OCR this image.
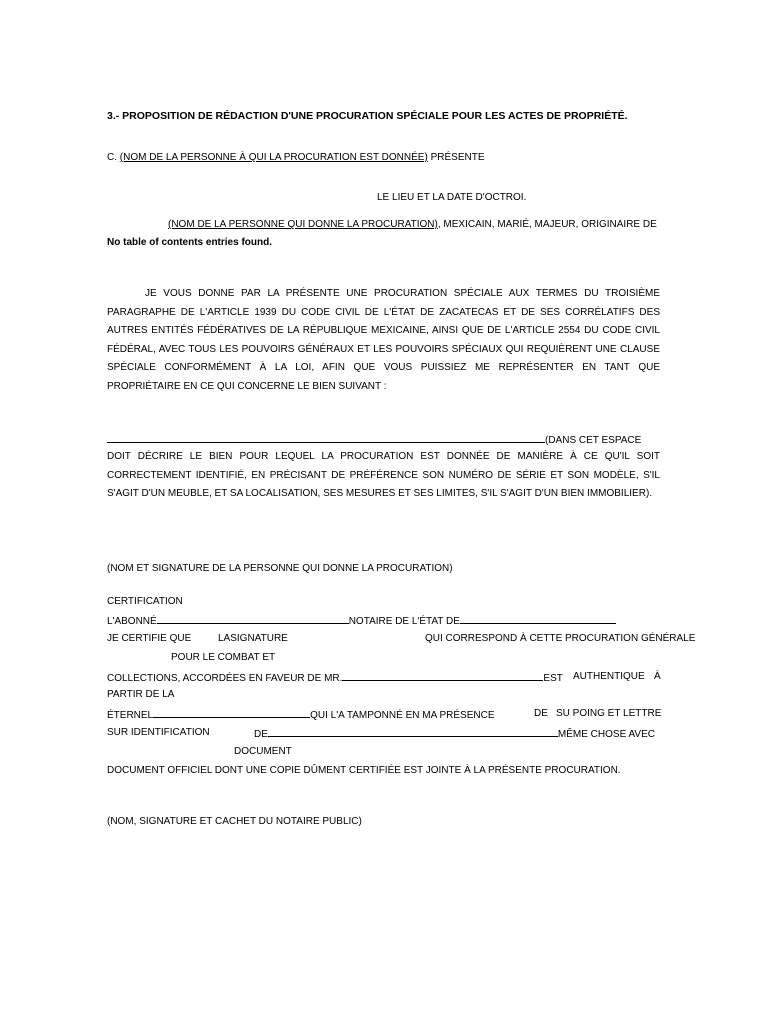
3.- PROPOSITION DE RÉDACTION D'UNE PROCURATION SPÉCIALE POUR LES ACTES DE PROPRIÉTÉ.
C. (NOM DE LA PERSONNE À QUI LA PROCURATION EST DONNÉE) PRÉSENTE
LE LIEU ET LA DATE D'OCTROI.
(NOM DE LA PERSONNE QUI DONNE LA PROCURATION), MEXICAIN, MARIÉ, MAJEUR, ORIGINAIRE DE
No table of contents entries found.
JE VOUS DONNE PAR LA PRÉSENTE UNE PROCURATION SPÉCIALE AUX TERMES DU TROISIÈME
PARAGRAPHE DE L'ARTICLE 1939 DU CODE CIVIL DE L'ÉTAT DE ZACATECAS ET DE SES CORRÉLATIFS DES
AUTRES ENTITÉS FÉDÉRATIVES DE LA RÉPUBLIQUE MEXICAINE, AINSI QUE DE L'ARTICLE 2554 DU CODE CIVIL
FÉDÉRAL, AVEC TOUS LES POUVOIRS GÉNÉRAUX ET LES POUVOIRS SPÉCIAUX QUI REQUIÈRENT UNE CLAUSE
SPÉCIALE CONFORMÉMENT À LA LOI, AFIN QUE VOUS PUISSIEZ ME REPRÉSENTER EN TANT QUE
PROPRIÉTAIRE EN CE QUI CONCERNE LE BIEN SUIVANT :
(DANS CET ESPACE
DOIT DÉCRIRE LE BIEN POUR LEQUEL LA PROCURATION EST DONNÉE DE MANIÈRE À CE QU'IL SOIT
CORRECTEMENT IDENTIFIÉ, EN PRÉCISANT DE PRÉFÉRENCE SON NUMÉRO DE SÉRIE ET SON MODÈLE, S'IL
S'AGIT D'UN MEUBLE, ET SA LOCALISATION, SES MESURES ET SES LIMITES, S'IL S'AGIT D'UN BIEN IMMOBILIER).
(NOM ET SIGNATURE DE LA PERSONNE QUI DONNE LA PROCURATION)
CERTIFICATION
L'ABONNÉ	NOTAIRE DE L'ÉTAT DE
JE CERTIFIE QUE	LASIGNATURE	QUI CORRESPOND À CETTE PROCURATION GÉNÉRALE
POUR LE COMBAT ET
COLLECTIONS, ACCORDÉES EN FAVEUR DE MR.	EST AUTHENTIQUE À
PARTIR DE LA
ÉTERNEL	QUI L'A TAMPONNÉ EN MA PRÉSENCE	DE SU POING ET LETTRE
SUR IDENTIFICATION	DE	MÊME CHOSE AVEC
DOCUMENT
DOCUMENT OFFICIEL DONT UNE COPIE DÛMENT CERTIFIÉE EST JOINTE À LA PRÉSENTE PROCURATION.
(NOM, SIGNATURE ET CACHET DU NOTAIRE PUBLIC)
